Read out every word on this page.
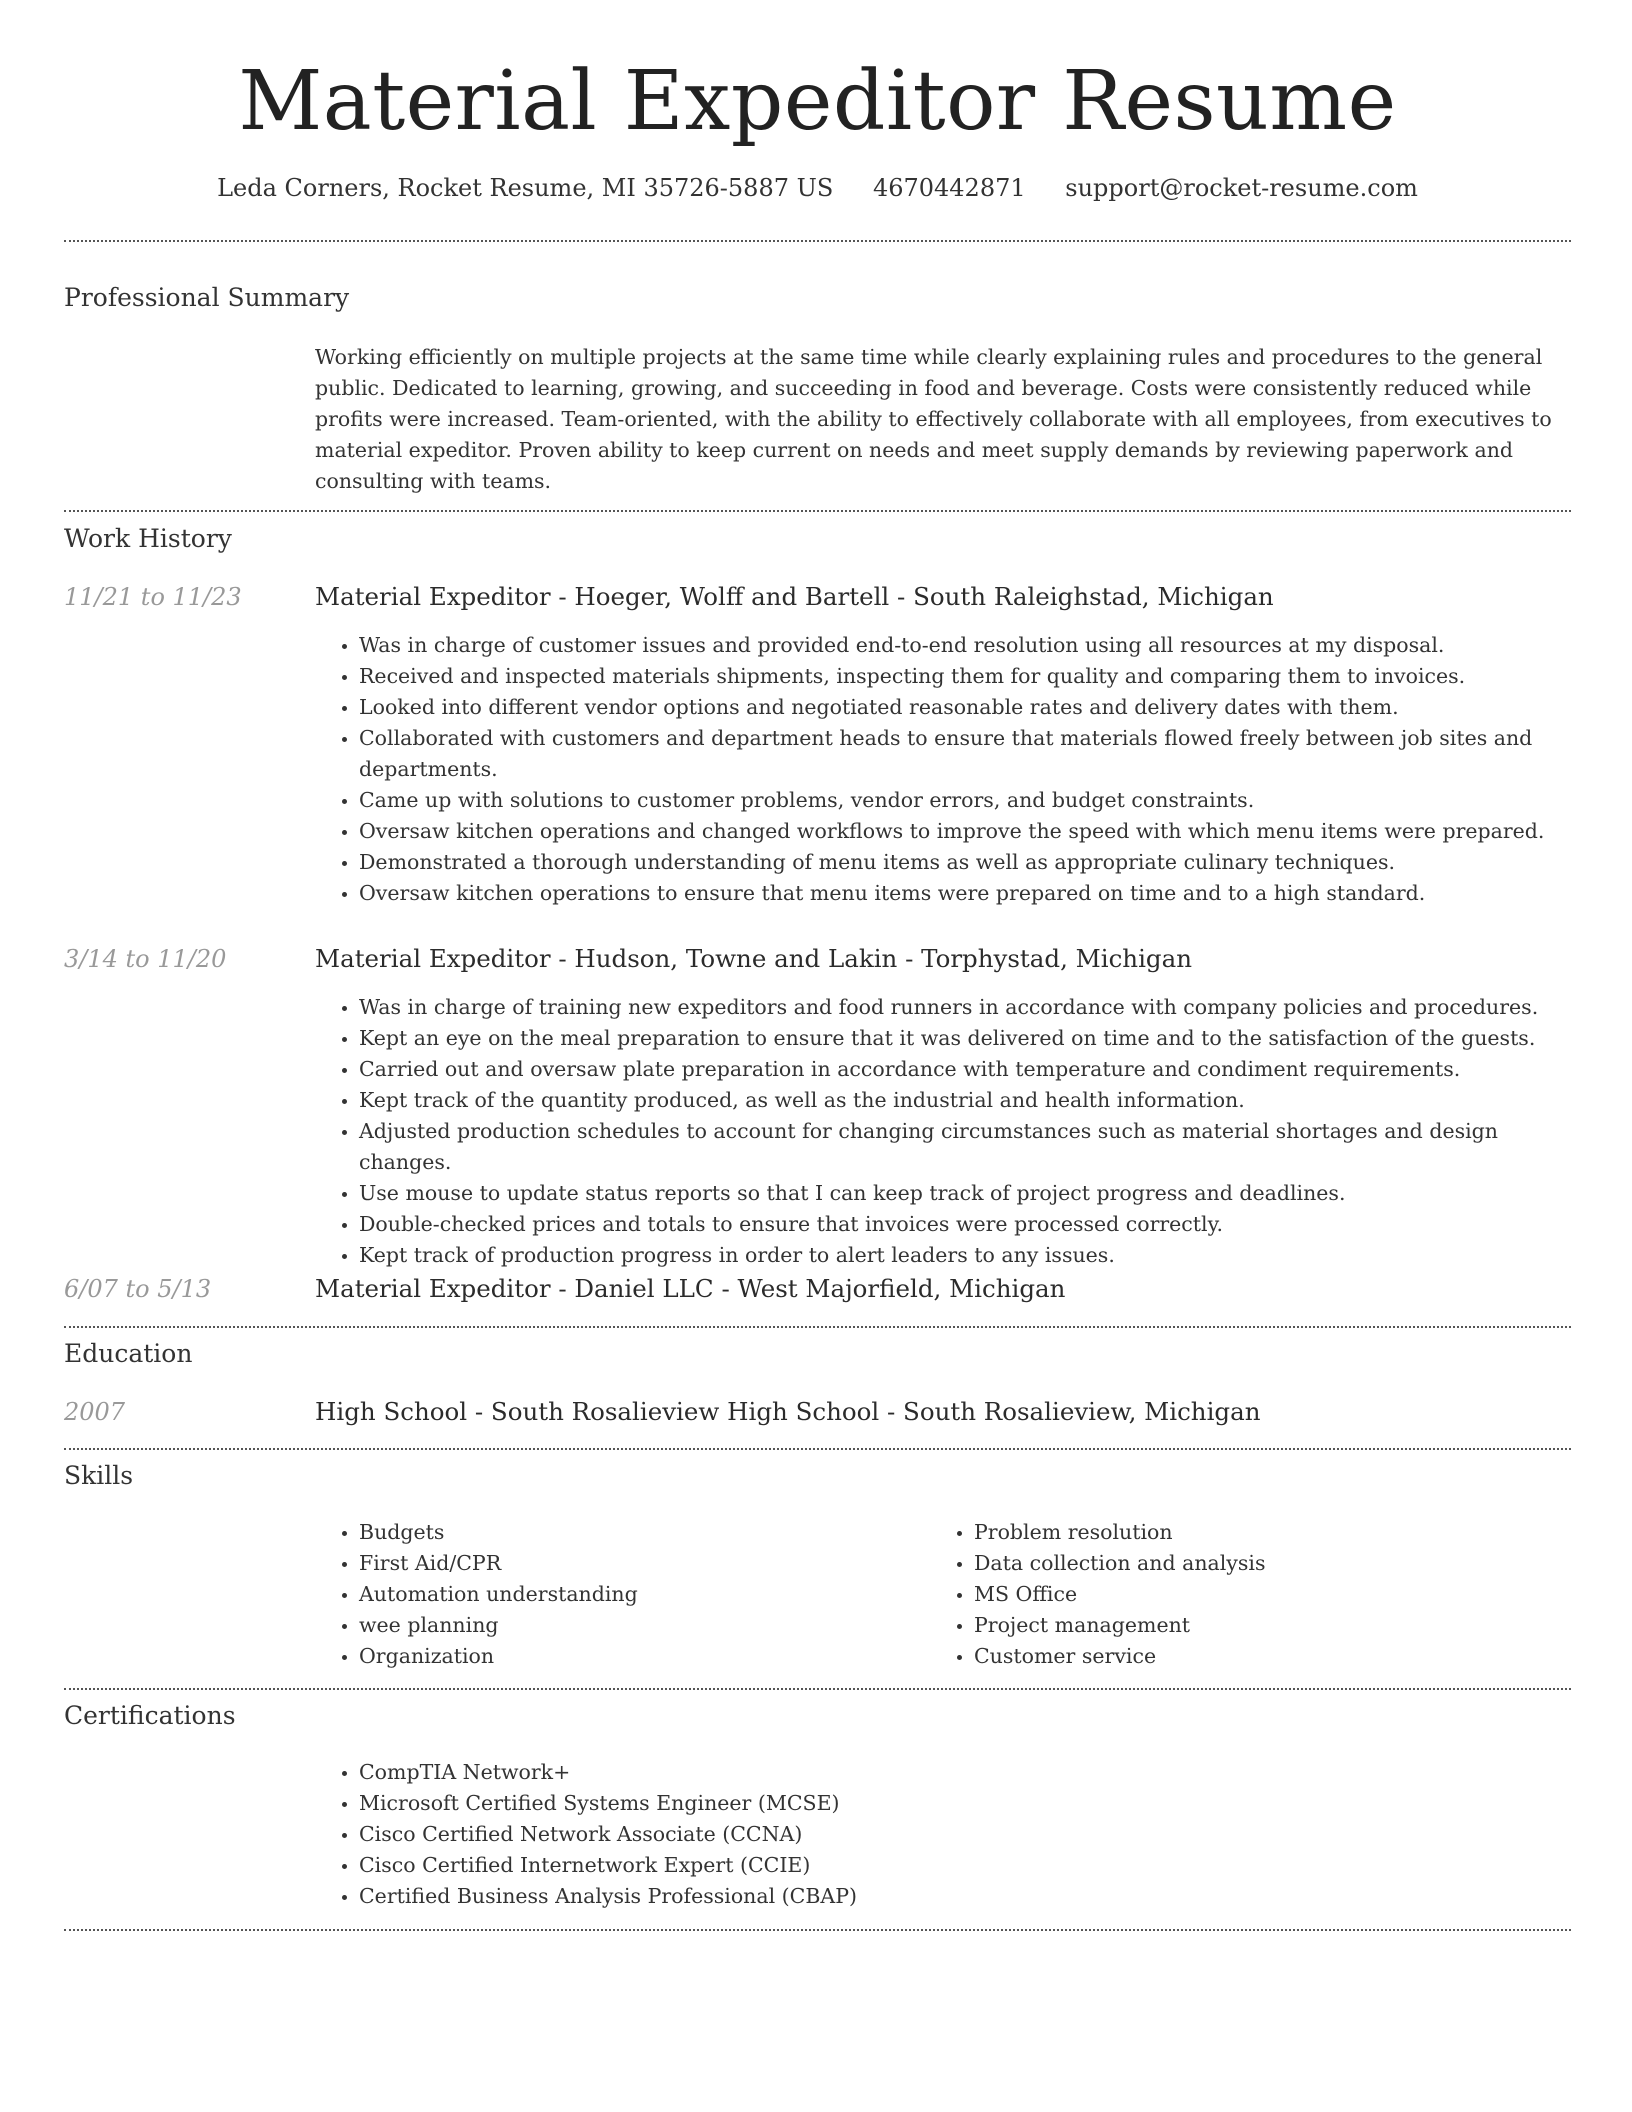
Material Expeditor Resume
Leda Corners, Rocket Resume, MI 35726-5887 US 4670442871 support@rocket-resume.com
Professional Summary

Working efficiently on multiple projects at the same time while clearly explaining rules and procedures to the general public. Dedicated to learning, growing, and succeeding in food and beverage. Costs were consistently reduced while profits were increased. Team-oriented, with the ability to effectively collaborate with all employees, from executives to material expeditor. Proven ability to keep current on needs and meet supply demands by reviewing paperwork and consulting with teams.

Work History
11/21 to 11/23	Material Expeditor - Hoeger, Wolff and Bartell - South Raleighstad, Michigan
• Was in charge of customer issues and provided end-to-end resolution using all resources at my disposal.
• Received and inspected materials shipments, inspecting them for quality and comparing them to invoices.
• Looked into different vendor options and negotiated reasonable rates and delivery dates with them.
• Collaborated with customers and department heads to ensure that materials flowed freely between job sites and departments.
• Came up with solutions to customer problems, vendor errors, and budget constraints.
• Oversaw kitchen operations and changed workflows to improve the speed with which menu items were prepared.
• Demonstrated a thorough understanding of menu items as well as appropriate culinary techniques.
• Oversaw kitchen operations to ensure that menu items were prepared on time and to a high standard.
3/14 to 11/20	Material Expeditor - Hudson, Towne and Lakin - Torphystad, Michigan
• Was in charge of training new expeditors and food runners in accordance with company policies and procedures.
• Kept an eye on the meal preparation to ensure that it was delivered on time and to the satisfaction of the guests.
• Carried out and oversaw plate preparation in accordance with temperature and condiment requirements.
• Kept track of the quantity produced, as well as the industrial and health information.
• Adjusted production schedules to account for changing circumstances such as material shortages and design changes.
• Use mouse to update status reports so that I can keep track of project progress and deadlines.
• Double-checked prices and totals to ensure that invoices were processed correctly.
• Kept track of production progress in order to alert leaders to any issues.
6/07 to 5/13	Material Expeditor - Daniel LLC - West Majorfield, Michigan
Education
2007	High School - South Rosalieview High School - South Rosalieview, Michigan
Skills
• Budgets
• First Aid/CPR
• Automation understanding
• wee planning
• Organization
• Problem resolution
• Data collection and analysis
• MS Office
• Project management
• Customer service
Certifications
• CompTIA Network+
• Microsoft Certified Systems Engineer (MCSE)
• Cisco Certified Network Associate (CCNA)
• Cisco Certified Internetwork Expert (CCIE)
• Certified Business Analysis Professional (CBAP)
